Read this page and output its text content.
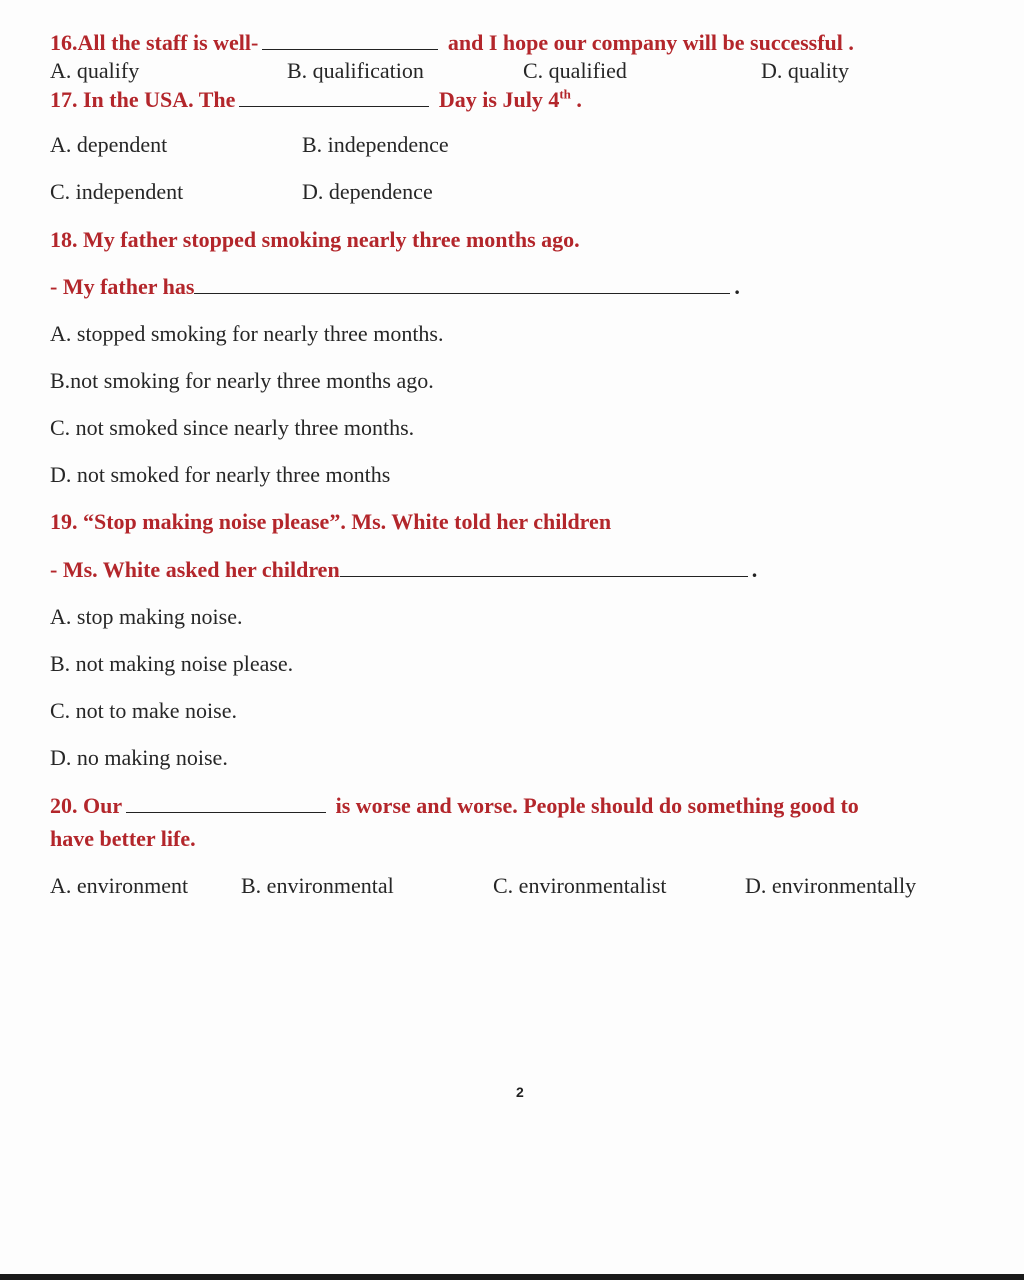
16.All the staff is well-	and I hope our company will be successful .
A. qualify	B. qualification	C. qualified	D. quality
17. In the USA. The	Day is July 4th .
A. dependent	B. independence
C. independent	D. dependence
18. My father stopped smoking nearly three months ago.
- My father has	.
A. stopped smoking for nearly three months.
B.not smoking for nearly three months ago.
C. not smoked since nearly three months.
D. not smoked for nearly three months
19. “Stop making noise please”. Ms. White told her children
- Ms. White asked her children	.
A. stop making noise.
B. not making noise please.
C. not to make noise.
D. no making noise.
20. Our	is worse and worse. People should do something good to
have better life.
A. environment B. environmental	C. environmentalist	D. environmentally
2
